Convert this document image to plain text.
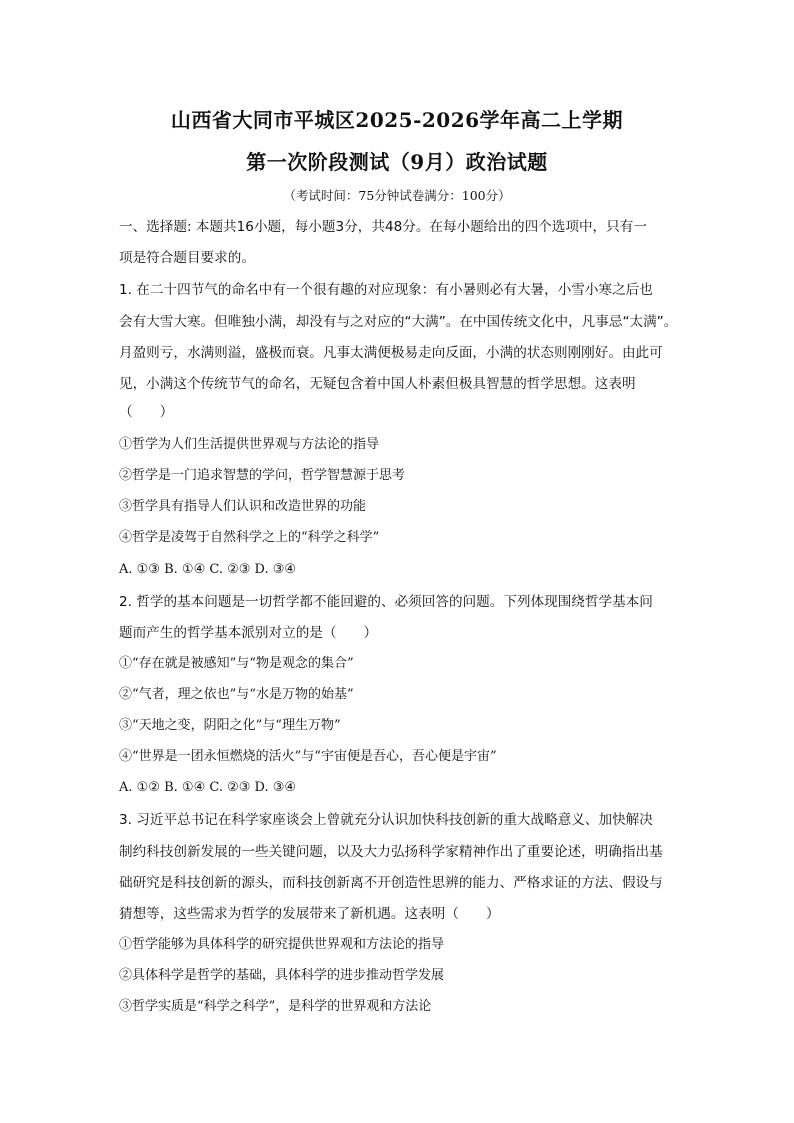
山西省大同市平城区2025-2026学年高二上学期
第一次阶段测试（9月）政治试题
（考试时间：75分钟试卷满分：100分）
一、选择题: 本题共16小题，每小题3分，共48分。在每小题给出的四个选项中，只有一
项是符合题目要求的。
1. 在二十四节气的命名中有一个很有趣的对应现象：有小暑则必有大暑，小雪小寒之后也
会有大雪大寒。但唯独小满，却没有与之对应的“大满”。在中国传统文化中，凡事忌“太满”。
月盈则亏，水满则溢，盛极而衰。凡事太满便极易走向反面，小满的状态则刚刚好。由此可
见，小满这个传统节气的命名，无疑包含着中国人朴素但极具智慧的哲学思想。这表明
（　　）
①哲学为人们生活提供世界观与方法论的指导
②哲学是一门追求智慧的学问，哲学智慧源于思考
③哲学具有指导人们认识和改造世界的功能
④哲学是凌驾于自然科学之上的“科学之科学”
A. ①③ B. ①④ C. ②③ D. ③④
2. 哲学的基本问题是一切哲学都不能回避的、必须回答的问题。下列体现围绕哲学基本问
题而产生的哲学基本派别对立的是（　　）
①“存在就是被感知”与“物是观念的集合”
②“气者，理之依也”与“水是万物的始基”
③“天地之变，阴阳之化”与“理生万物”
④“世界是一团永恒燃烧的活火”与“宇宙便是吾心，吾心便是宇宙”
A. ①② B. ①④ C. ②③ D. ③④
3. 习近平总书记在科学家座谈会上曾就充分认识加快科技创新的重大战略意义、加快解决
制约科技创新发展的一些关键问题，以及大力弘扬科学家精神作出了重要论述，明确指出基
础研究是科技创新的源头，而科技创新离不开创造性思辨的能力、严格求证的方法、假设与
猜想等，这些需求为哲学的发展带来了新机遇。这表明（　　）
①哲学能够为具体科学的研究提供世界观和方法论的指导
②具体科学是哲学的基础，具体科学的进步推动哲学发展
③哲学实质是“科学之科学”，是科学的世界观和方法论
